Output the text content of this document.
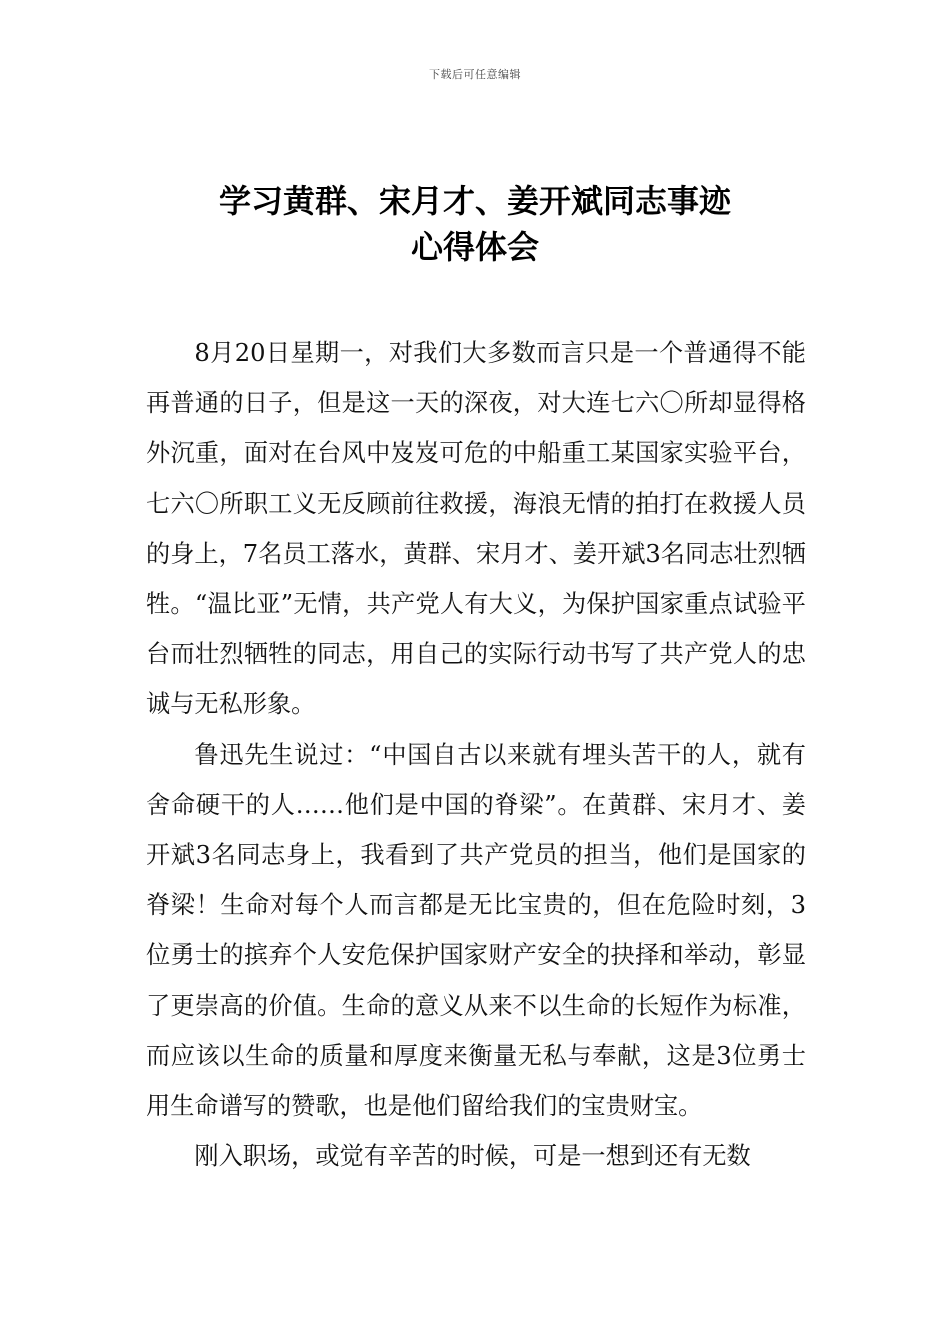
下载后可任意编辑
学习黄群、宋月才、姜开斌同志事迹
心得体会

8月20日星期一，对我们大多数而言只是一个普通得不能再普通的日子，但是这一天的深夜，对大连七六〇所却显得格外沉重，面对在台风中岌岌可危的中船重工某国家实验平台，七六〇所职工义无反顾前往救援，海浪无情的拍打在救援人员的身上，7名员工落水，黄群、宋月才、姜开斌3名同志壮烈牺牲。“温比亚”无情，共产党人有大义，为保护国家重点试验平台而壮烈牺牲的同志，用自己的实际行动书写了共产党人的忠诚与无私形象。

鲁迅先生说过：“中国自古以来就有埋头苦干的人，就有舍命硬干的人……他们是中国的脊梁”。在黄群、宋月才、姜开斌3名同志身上，我看到了共产党员的担当，他们是国家的脊梁！生命对每个人而言都是无比宝贵的，但在危险时刻，3位勇士的摈弃个人安危保护国家财产安全的抉择和举动，彰显了更崇高的价值。生命的意义从来不以生命的长短作为标准，而应该以生命的质量和厚度来衡量无私与奉献，这是3位勇士用生命谱写的赞歌，也是他们留给我们的宝贵财宝。

刚入职场，或觉有辛苦的时候，可是一想到还有无数
